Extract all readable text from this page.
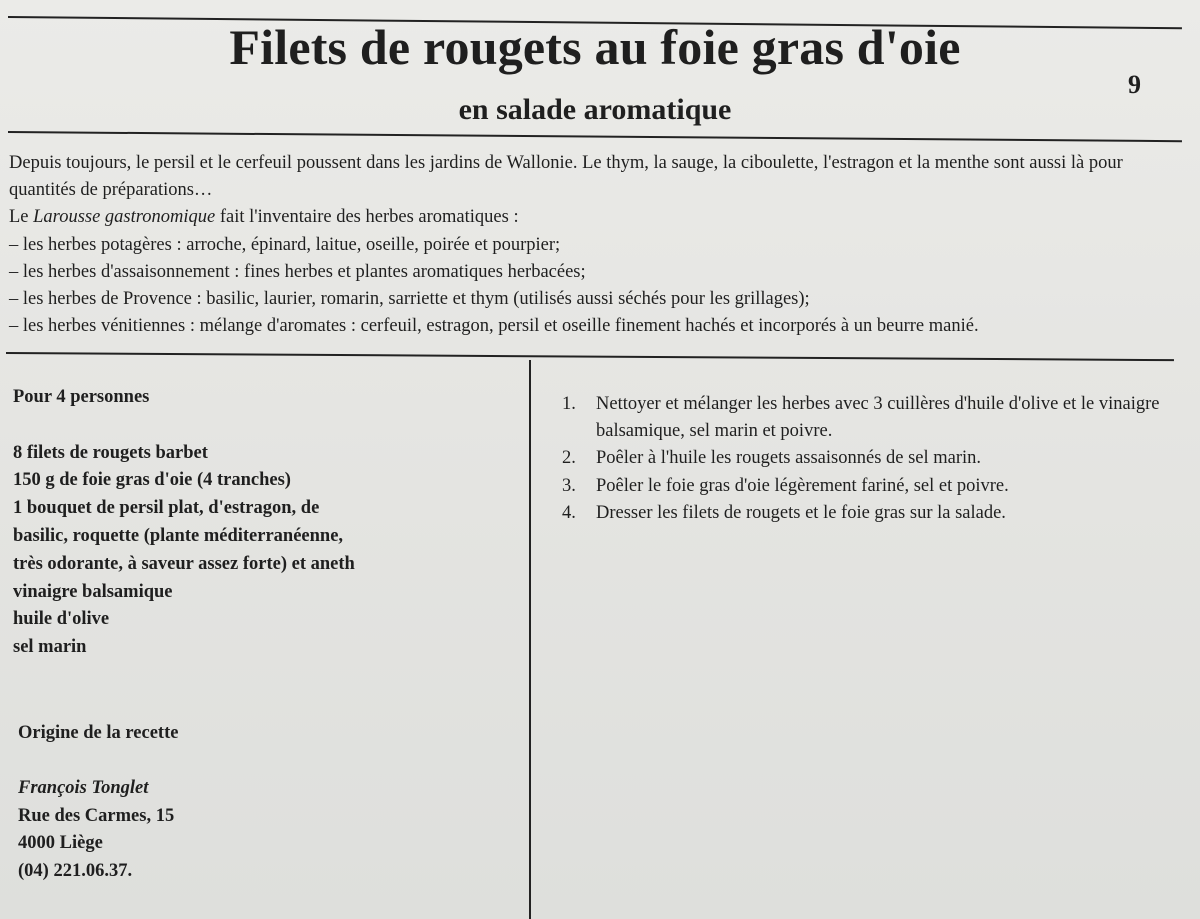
Filets de rougets au foie gras d'oie
en salade aromatique
9

Depuis toujours, le persil et le cerfeuil poussent dans les jardins de Wallonie. Le thym, la sauge, la ciboulette, l'estragon et la menthe sont aussi là pour quantités de préparations…

Le Larousse gastronomique fait l'inventaire des herbes aromatiques :

– les herbes potagères : arroche, épinard, laitue, oseille, poirée et pourpier;

– les herbes d'assaisonnement : fines herbes et plantes aromatiques herbacées;

– les herbes de Provence : basilic, laurier, romarin, sarriette et thym (utilisés aussi séchés pour les grillages);

– les herbes vénitiennes : mélange d'aromates : cerfeuil, estragon, persil et oseille finement hachés et incorporés à un beurre manié.

Pour 4 personnes

8 filets de rougets barbet
150 g de foie gras d'oie (4 tranches)
1 bouquet de persil plat, d'estragon, de
basilic, roquette (plante méditerranéenne,
très odorante, à saveur assez forte) et aneth
vinaigre balsamique
huile d'olive
sel marin

Origine de la recette

François Tonglet
Rue des Carmes, 15
4000 Liège
(04) 221.06.37.
1. Nettoyer et mélanger les herbes avec 3 cuillères d'huile d'olive et le vinaigre balsamique, sel marin et poivre.
2. Poêler à l'huile les rougets assaisonnés de sel marin.
3. Poêler le foie gras d'oie légèrement fariné, sel et poivre.
4. Dresser les filets de rougets et le foie gras sur la salade.
